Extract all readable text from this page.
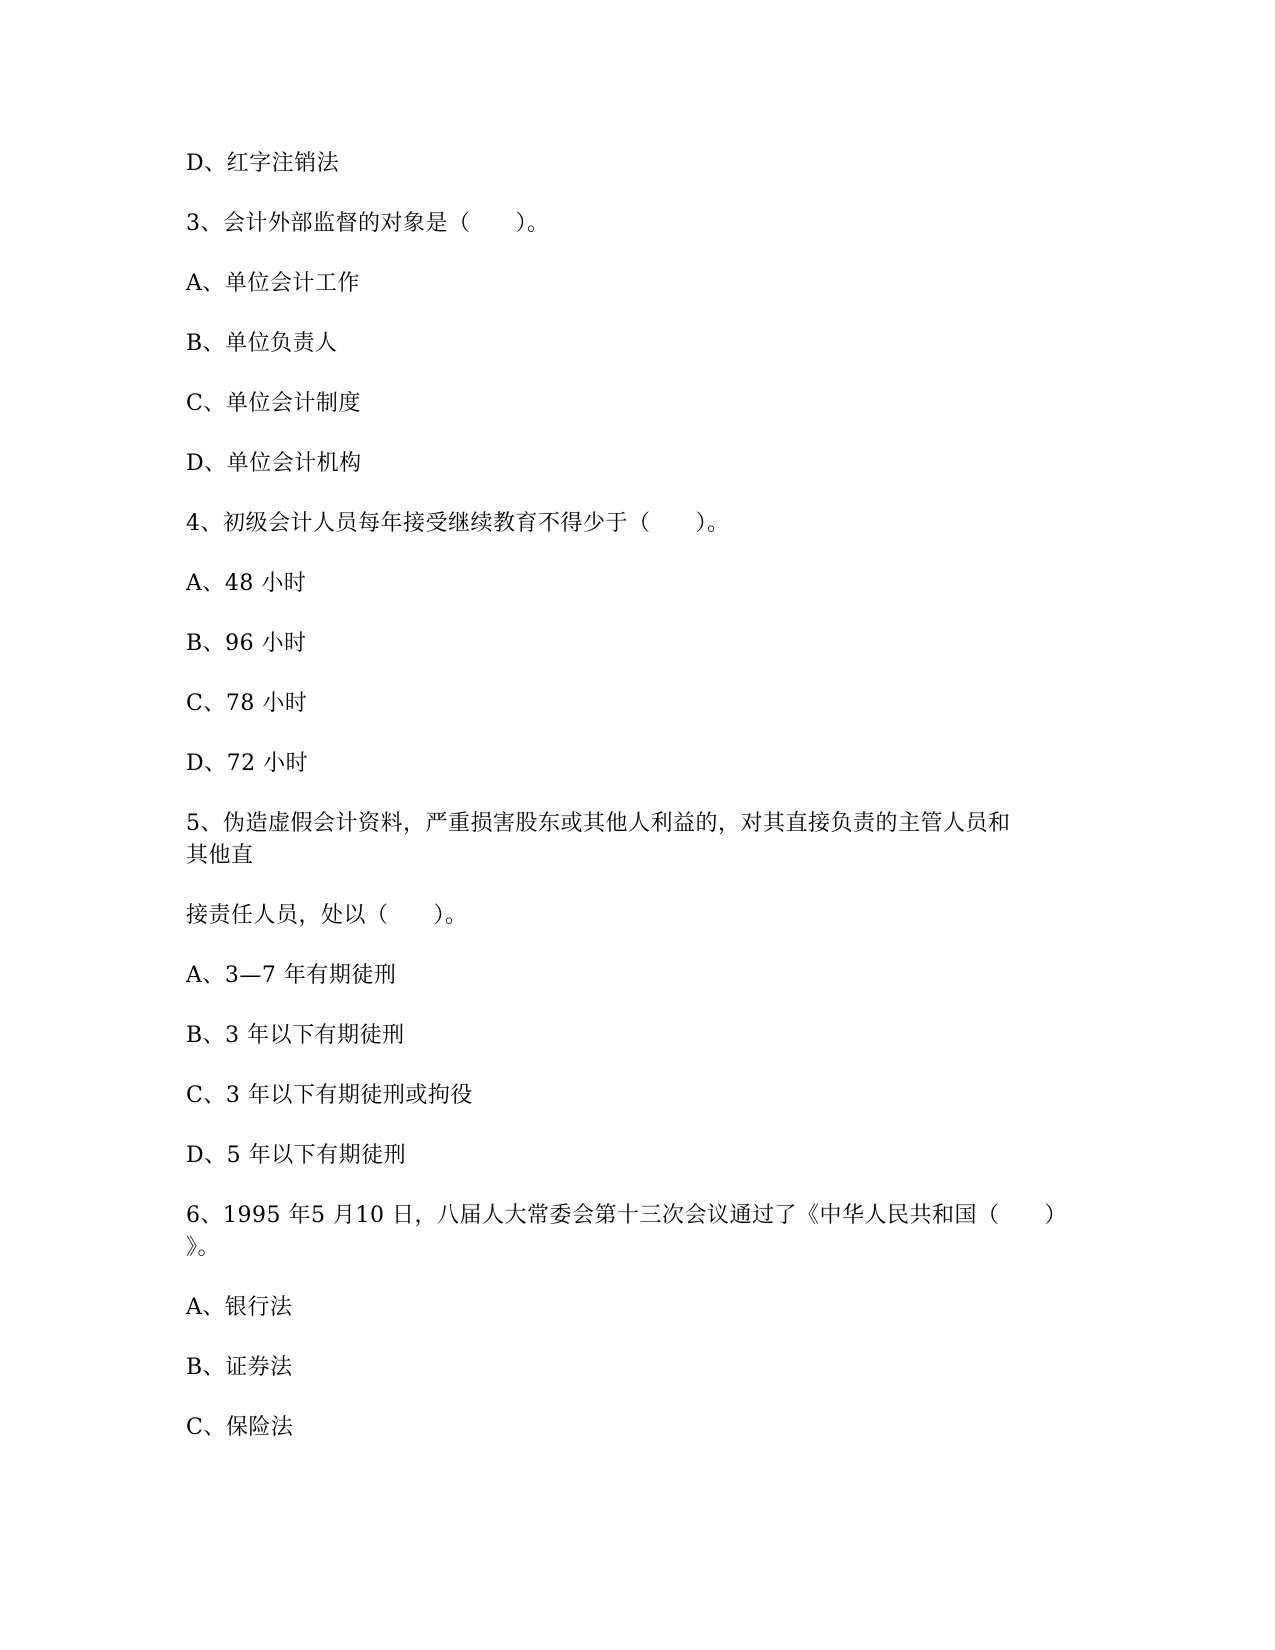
D、红字注销法
3、会计外部监督的对象是（　　）。
A、单位会计工作
B、单位负责人
C、单位会计制度
D、单位会计机构
4、初级会计人员每年接受继续教育不得少于（　　）。
A、48 小时
B、96 小时
C、78 小时
D、72 小时
5、伪造虚假会计资料，严重损害股东或其他人利益的，对其直接负责的主管人员和
其他直
接责任人员，处以（　　）。
A、3—7 年有期徒刑
B、3 年以下有期徒刑
C、3 年以下有期徒刑或拘役
D、5 年以下有期徒刑
6、1995 年5 月10 日，八届人大常委会第十三次会议通过了《中华人民共和国（　　）
》。
A、银行法
B、证券法
C、保险法
